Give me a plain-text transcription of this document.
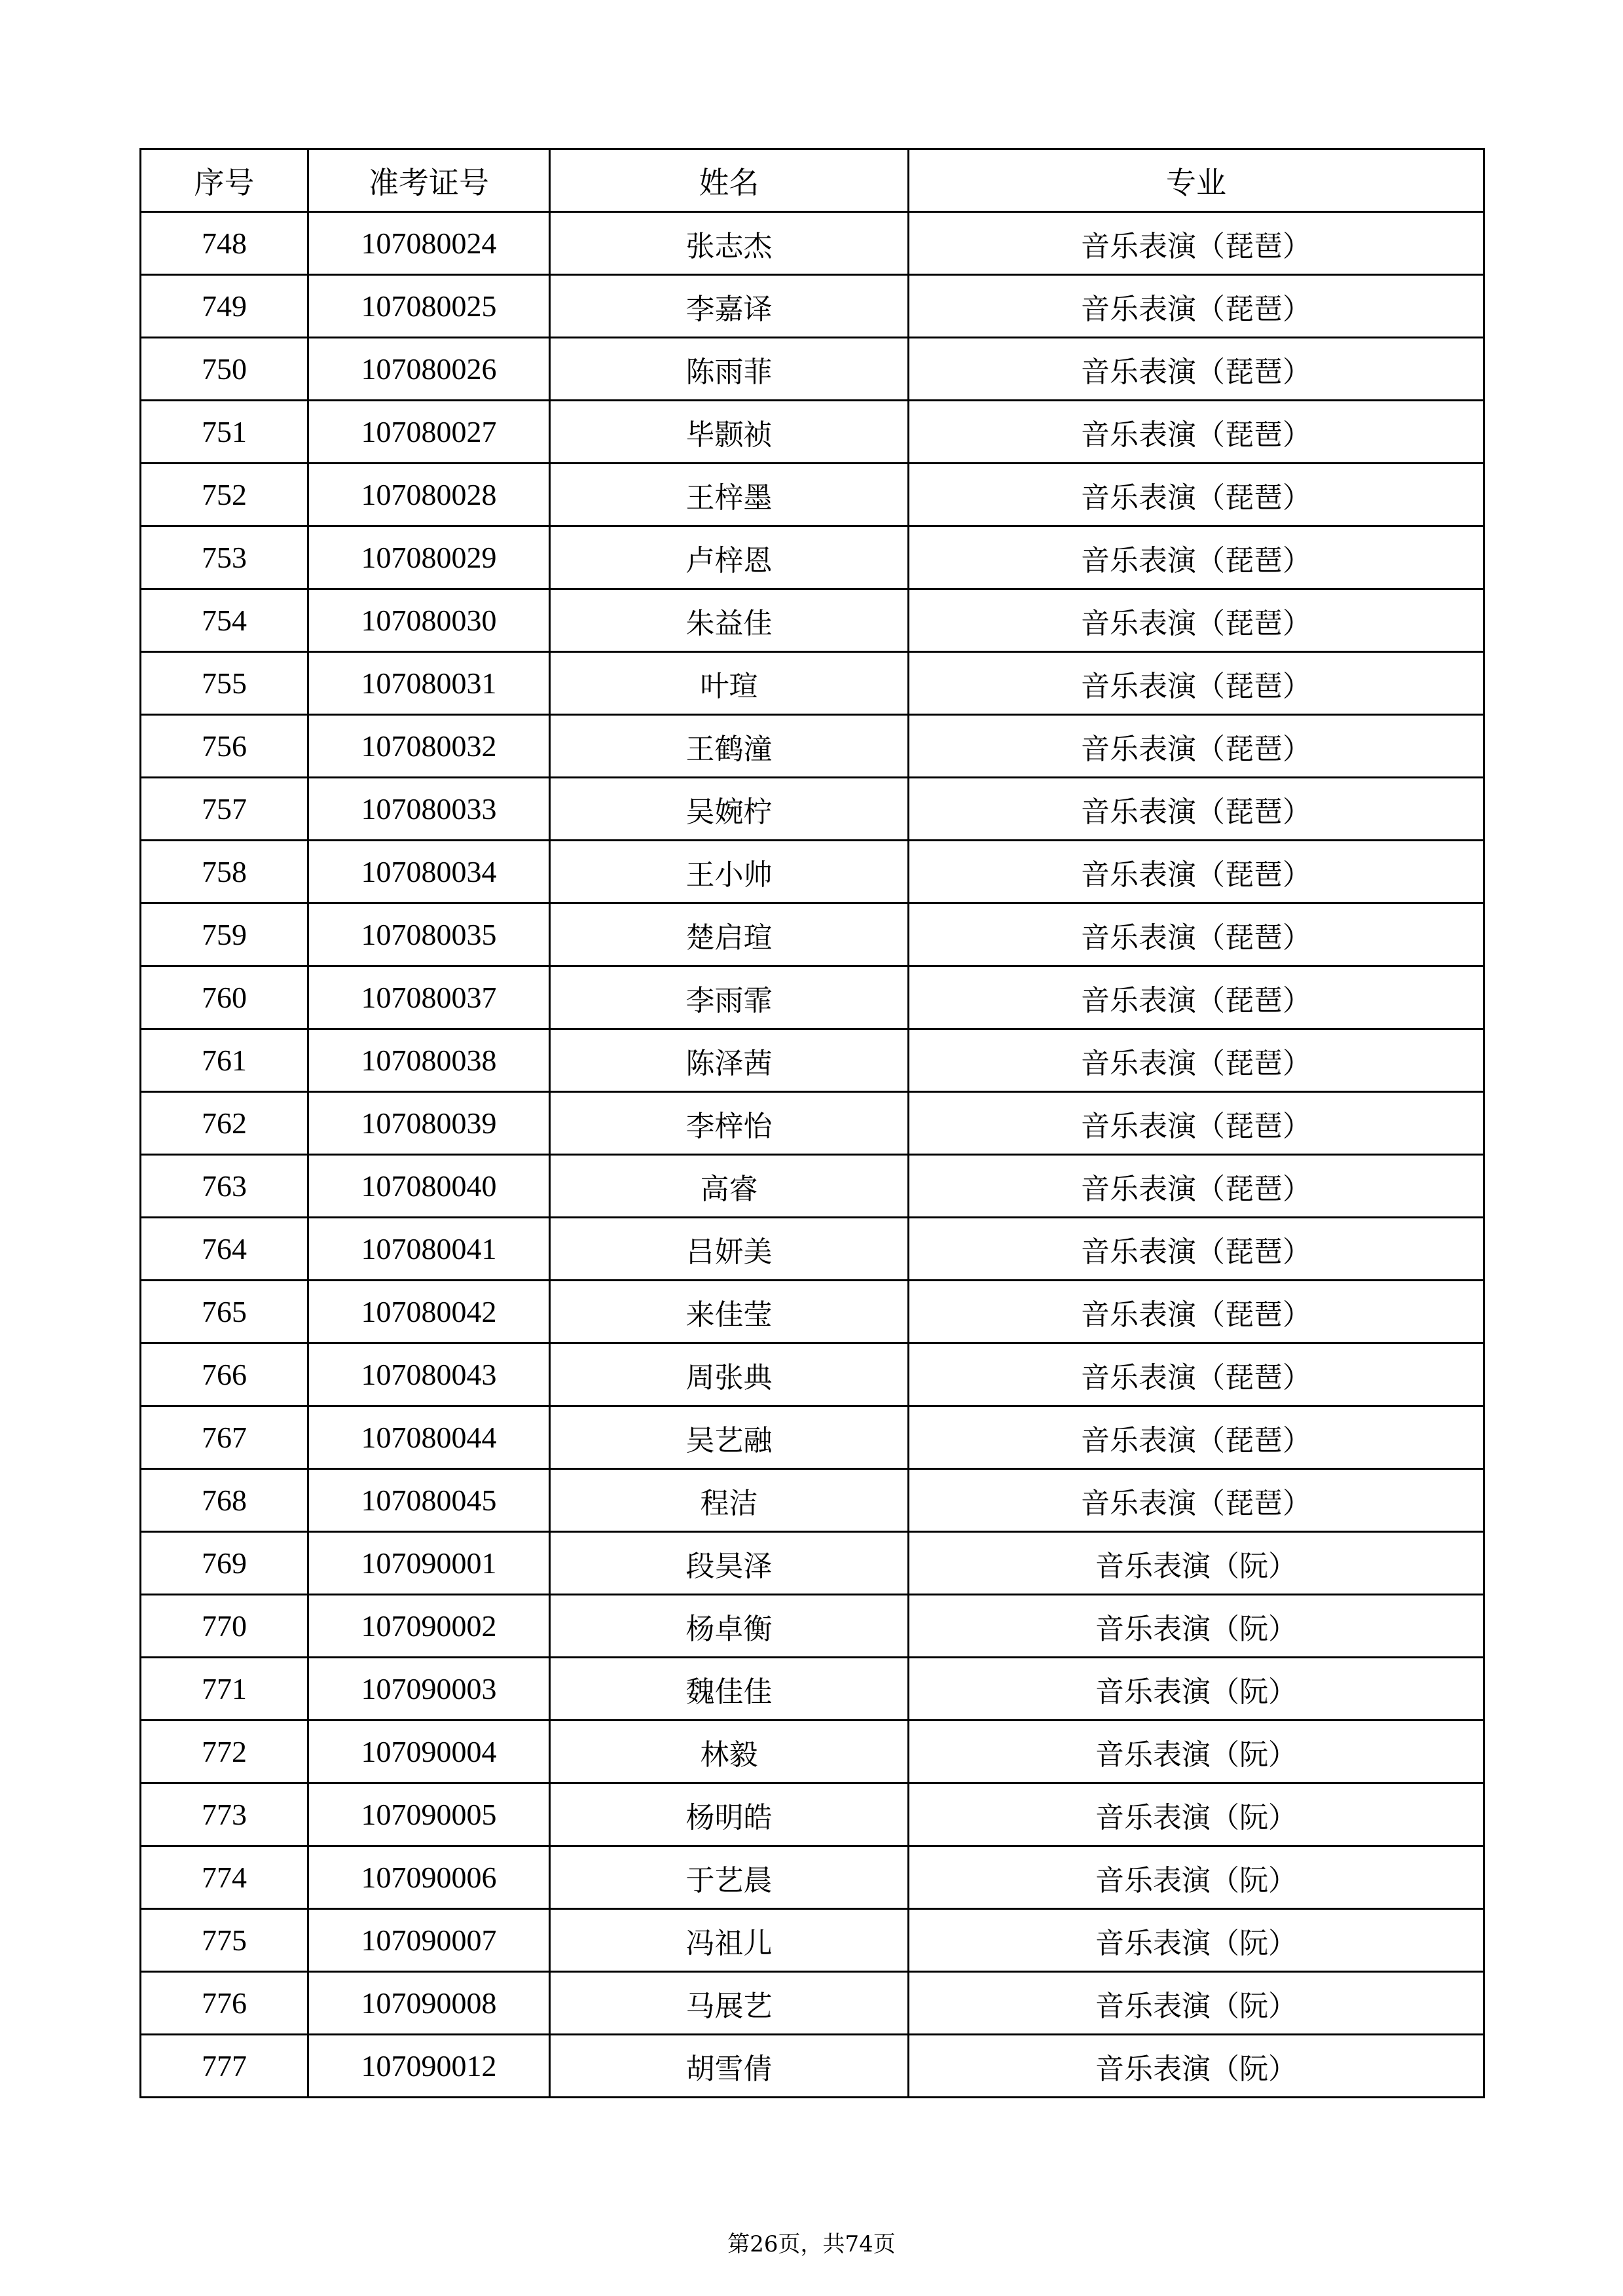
序号	准考证号	姓名	专业
748	107080024	张志杰	音乐表演（琵琶）
749	107080025	李嘉译	音乐表演（琵琶）
750	107080026	陈雨菲	音乐表演（琵琶）
751	107080027	毕颢祯	音乐表演（琵琶）
752	107080028	王梓墨	音乐表演（琵琶）
753	107080029	卢梓恩	音乐表演（琵琶）
754	107080030	朱益佳	音乐表演（琵琶）
755	107080031	叶瑄	音乐表演（琵琶）
756	107080032	王鹤潼	音乐表演（琵琶）
757	107080033	吴婉柠	音乐表演（琵琶）
758	107080034	王小帅	音乐表演（琵琶）
759	107080035	楚启瑄	音乐表演（琵琶）
760	107080037	李雨霏	音乐表演（琵琶）
761	107080038	陈泽茜	音乐表演（琵琶）
762	107080039	李梓怡	音乐表演（琵琶）
763	107080040	高睿	音乐表演（琵琶）
764	107080041	吕妍美	音乐表演（琵琶）
765	107080042	来佳莹	音乐表演（琵琶）
766	107080043	周张典	音乐表演（琵琶）
767	107080044	吴艺融	音乐表演（琵琶）
768	107080045	程洁	音乐表演（琵琶）
769	107090001	段昊泽	音乐表演（阮）
770	107090002	杨卓衡	音乐表演（阮）
771	107090003	魏佳佳	音乐表演（阮）
772	107090004	林毅	音乐表演（阮）
773	107090005	杨明皓	音乐表演（阮）
774	107090006	于艺晨	音乐表演（阮）
775	107090007	冯祖儿	音乐表演（阮）
776	107090008	马展艺	音乐表演（阮）
777	107090012	胡雪倩	音乐表演（阮）
第26页，共74页
